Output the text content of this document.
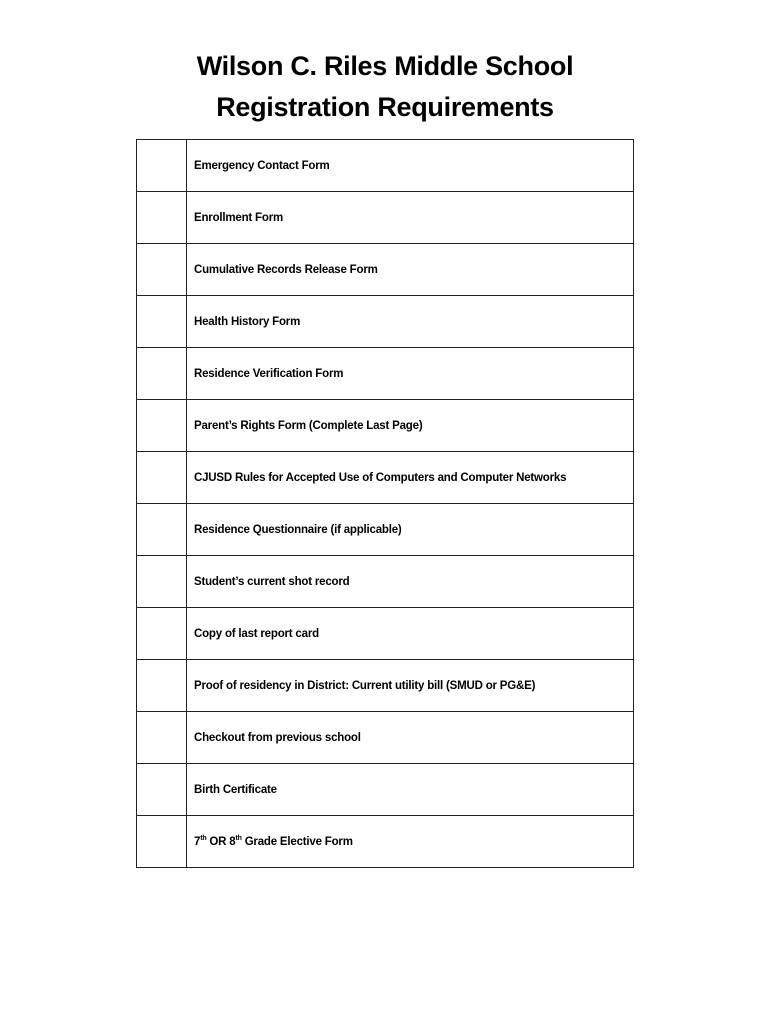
Wilson C. Riles Middle School
Registration Requirements
	Emergency Contact Form
	Enrollment Form
	Cumulative Records Release Form
	Health History Form
	Residence Verification Form
	Parent’s Rights Form (Complete Last Page)
	CJUSD Rules for Accepted Use of Computers and Computer Networks
	Residence Questionnaire (if applicable)
	Student’s current shot record
	Copy of last report card
	Proof of residency in District: Current utility bill (SMUD or PG&E)
	Checkout from previous school
	Birth Certificate
	7th OR 8th Grade Elective Form
